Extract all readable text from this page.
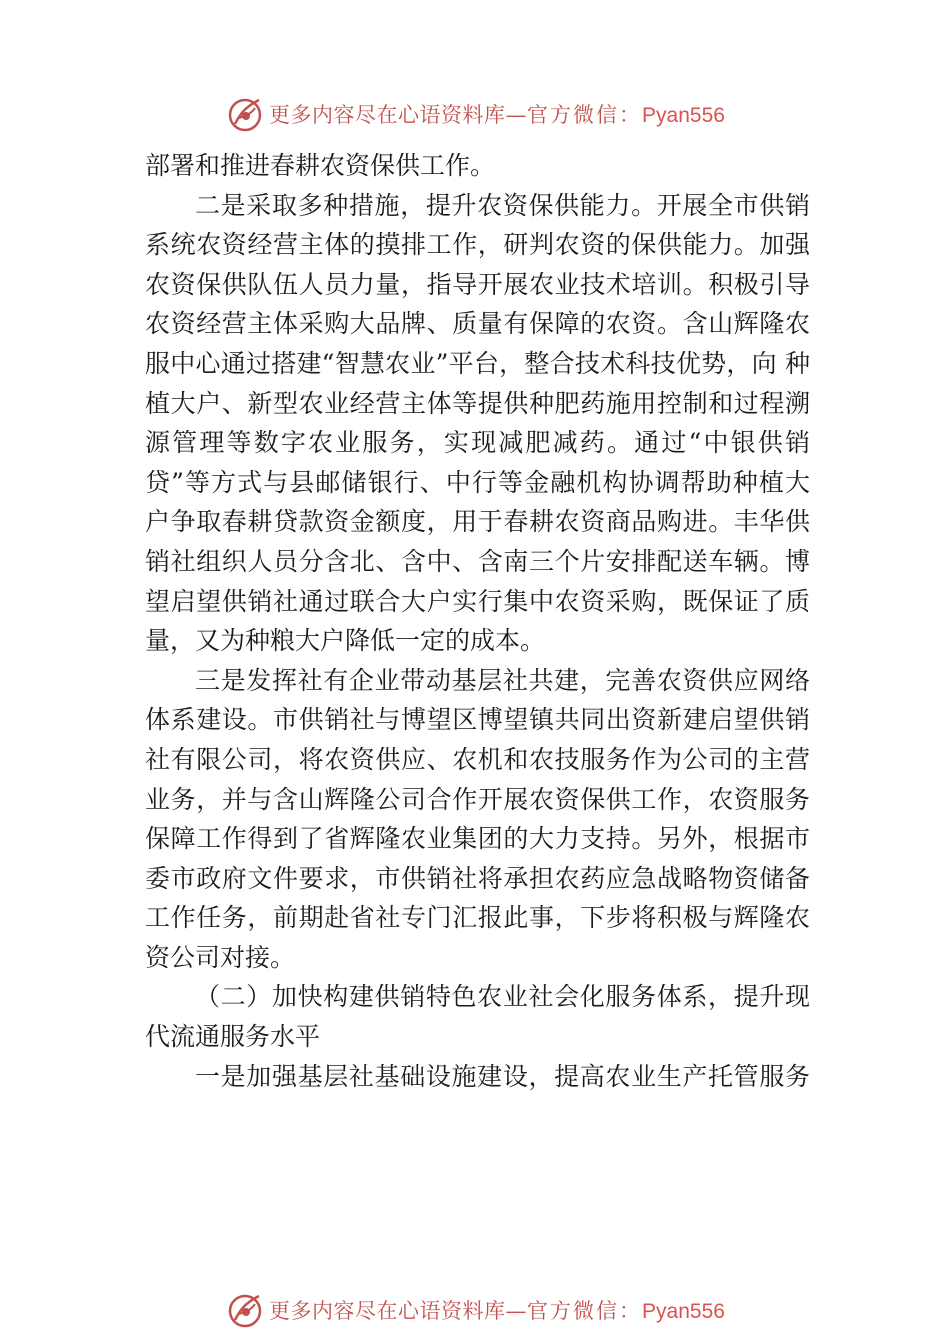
更多内容尽在心语资料库—官方微信：Pyan556
部署和推进春耕农资保供工作。
二是采取多种措施，提升农资保供能力。开展全市供销
系统农资经营主体的摸排工作，研判农资的保供能力。加强
农资保供队伍人员力量，指导开展农业技术培训。积极引导
农资经营主体采购大品牌、质量有保障的农资。含山辉隆农
服中心通过搭建“智慧农业”平台，整合技术科技优势，向 种
植大户、新型农业经营主体等提供种肥药施用控制和过程溯
源管理等数字农业服务，实现减肥减药。通过“中银供销
贷”等方式与县邮储银行、中行等金融机构协调帮助种植大
户争取春耕贷款资金额度，用于春耕农资商品购进。丰华供
销社组织人员分含北、含中、含南三个片安排配送车辆。博
望启望供销社通过联合大户实行集中农资采购，既保证了质
量，又为种粮大户降低一定的成本。
三是发挥社有企业带动基层社共建，完善农资供应网络
体系建设。市供销社与博望区博望镇共同出资新建启望供销
社有限公司，将农资供应、农机和农技服务作为公司的主营
业务，并与含山辉隆公司合作开展农资保供工作，农资服务
保障工作得到了省辉隆农业集团的大力支持。另外，根据市
委市政府文件要求，市供销社将承担农药应急战略物资储备
工作任务，前期赴省社专门汇报此事，下步将积极与辉隆农
资公司对接。
（二）加快构建供销特色农业社会化服务体系，提升现
代流通服务水平
一是加强基层社基础设施建设，提高农业生产托管服务
更多内容尽在心语资料库—官方微信：Pyan556
